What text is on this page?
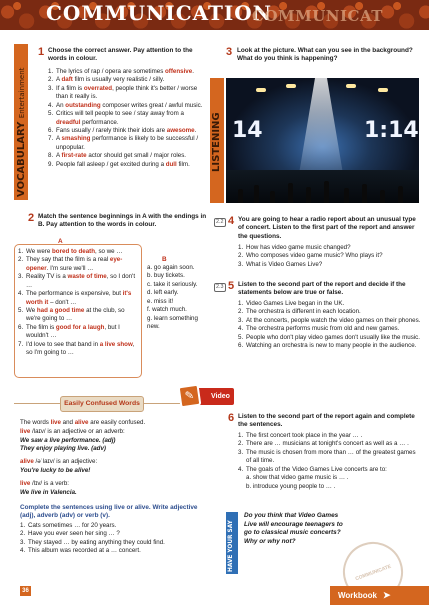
COMMUNICATION
COMMUNICAT
VOCABULARY Entertainment
1 Choose the correct answer. Pay attention to the words in colour.
1. The lyrics of rap / opera are sometimes offensive.
2. A daft film is usually very realistic / silly.
3. If a film is overrated, people think it's better / worse than it really is.
4. An outstanding composer writes great / awful music.
5. Critics will tell people to see / stay away from a dreadful performance.
6. Fans usually / rarely think their idols are awesome.
7. A smashing performance is likely to be successful / unpopular.
8. A first-rate actor should get small / major roles.
9. People fall asleep / get excited during a dull film.
2 Match the sentence beginnings in A with the endings in B. Pay attention to the words in colour.
A
B
1. We were bored to death, so we …
2. They say that the film is a real eye-opener. I'm sure we'll …
3. Reality TV is a waste of time, so I don't …
4. The performance is expensive, but it's worth it – don't …
5. We had a good time at the club, so we're going to …
6. The film is good for a laugh, but I wouldn't …
7. I'd love to see that band in a live show, so I'm going to …
a. go again soon.
b. buy tickets.
c. take it seriously.
d. left early.
e. miss it!
f. watch much.
g. learn something new.
Easily Confused Words
Video
✎
The words live and alive are easily confused.
live /laɪv/ is an adjective or an adverb:
We saw a live performance. (adj)
They enjoy playing live. (adv)
alive /əˈlaɪv/ is an adjective:
You're lucky to be alive!
live /lɪv/ is a verb:
We live in Valencia.
Complete the sentences using live or alive. Write adjective (adj), adverb (adv) or verb (v).
1. Cats sometimes … for 20 years.
2. Have you ever seen her sing … ?
3. They stayed … by eating anything they could find.
4. This album was recorded at a … concert.
3 Look at the picture. What can you see in the background? What do you think is happening?
LISTENING 14	1:14
2.2 4 You are going to hear a radio report about an unusual type of concert. Listen to the first part of the report and answer the questions.
1. How has video game music changed?
2. Who composes video game music? Who plays it?
3. What is Video Games Live?
2.3 5 Listen to the second part of the report and decide if the statements below are true or false.
1. Video Games Live began in the UK.
2. The orchestra is different in each location.
3. At the concerts, people watch the video games on their phones.
4. The orchestra performs music from old and new games.
5. People who don't play video games don't usually like the music.
6. Watching an orchestra is new to many people in the audience.
6 Listen to the second part of the report again and complete the sentences.
1. The first concert took place in the year … .
2. There are … musicians at tonight's concert as well as a … .
3. The music is chosen from more than … of the greatest games of all time.
4. The goals of the Video Games Live concerts are to:
a. show that video game music is … .
b. introduce young people to … .
HAVE YOUR SAY
Do you think that Video Games Live will encourage teenagers to go to classical music concerts? Why or why not?
COMMUNICATE
36	Workbook ➤
